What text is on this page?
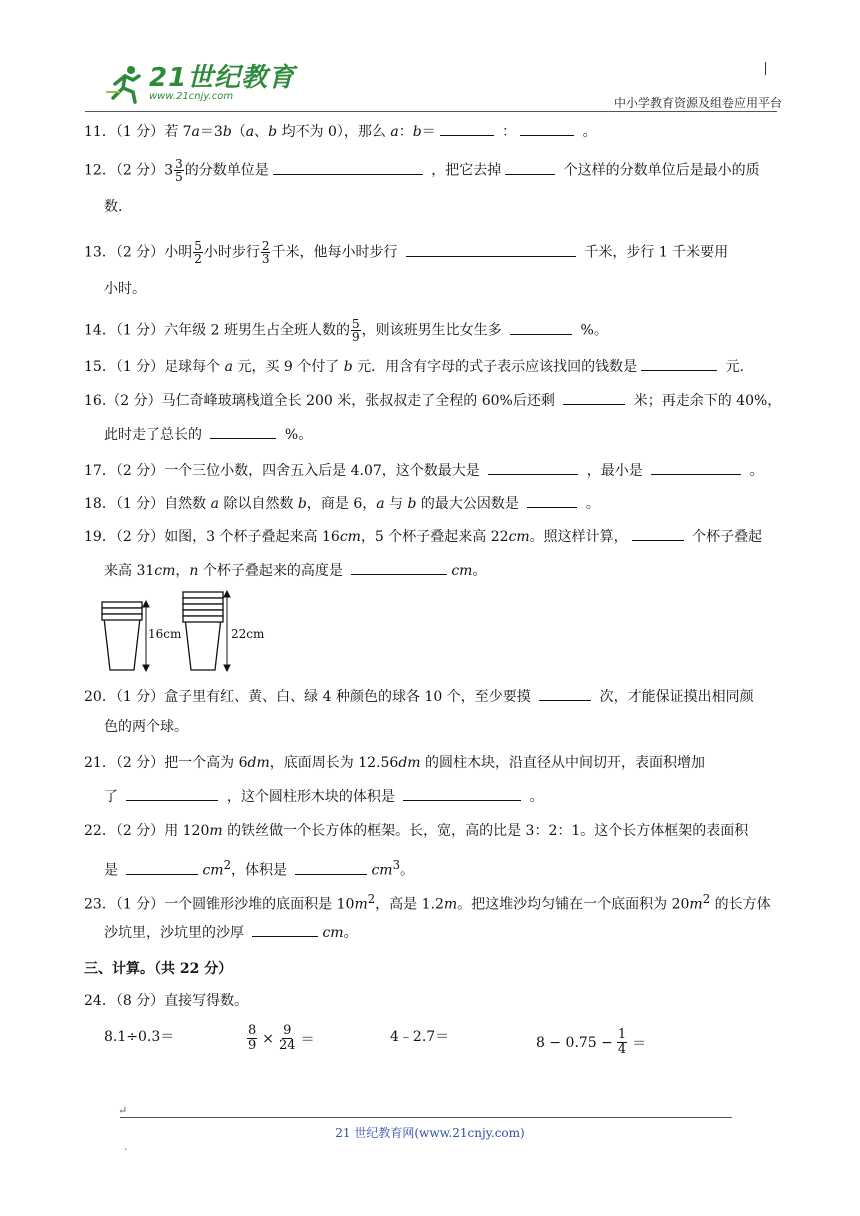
21世纪教育
www.21cnjy.com	中小学教育资源及组卷应用平台
11．（1 分）若 7a＝3b（a、b 均不为 0），那么 a：b＝	：	。
12．（2 分）$3 \frac{3}{5}$ 的分数单位是	，把它去掉	个这样的分数单位后是最小的质
数.
13．（2 分）小明 $\frac{5}{2}$ 小时步行 $\frac{2}{3}$ 千米，他每小时步行	千米，步行 1 千米要用
小时。
14．（1 分）六年级 2 班男生占全班人数的 $\frac{5}{9}$ ，则该班男生比女生多	%。
15．（1 分）足球每个 a 元，买 9 个付了 b 元．用含有字母的式子表示应该找回的钱数是	元.
16.（2 分）马仁奇峰玻璃栈道全长 200 米，张叔叔走了全程的 60%后还剩	米；再走余下的 40%，
此时走了总长的	%。
17．（2 分）一个三位小数，四舍五入后是 4.07，这个数最大是	，最小是	。
18．（1 分）自然数 a 除以自然数 b，商是 6，a 与 b 的最大公因数是	。
19．（2 分）如图，3 个杯子叠起来高 16cm，5 个杯子叠起来高 22cm。照这样计算，	个杯子叠起
来高 31cm，n 个杯子叠起来的高度是	cm。
16cm	22cm
20．（1 分）盒子里有红、黄、白、绿 4 种颜色的球各 10 个，至少要摸	次，才能保证摸出相同颜
色的两个球。
21．（2 分）把一个高为 6dm，底面周长为 12.56dm 的圆柱木块，沿直径从中间切开，表面积增加
了	，这个圆柱形木块的体积是	。
22．（2 分）用 120m 的铁丝做一个长方体的框架。长，宽，高的比是 3：2：1。这个长方体框架的表面积
是	$cm^2$，体积是	$cm^3$。
23．（1 分）一个圆锥形沙堆的底面积是 $10m^2$，高是 1.2m。把这堆沙均匀铺在一个底面积为 $20m^2$ 的长方体
沙坑里，沙坑里的沙厚	cm。
三、计算。（共 22 分）
24．（8 分）直接写得数。
8.1÷0.3＝	$\frac{8}{9} \times \frac{9}{24}$ ＝	4﹣2.7＝	$8 - 0.75 - \frac{1}{4}$ ＝
↵
21 世纪教育网(www.21cnjy.com)
.
